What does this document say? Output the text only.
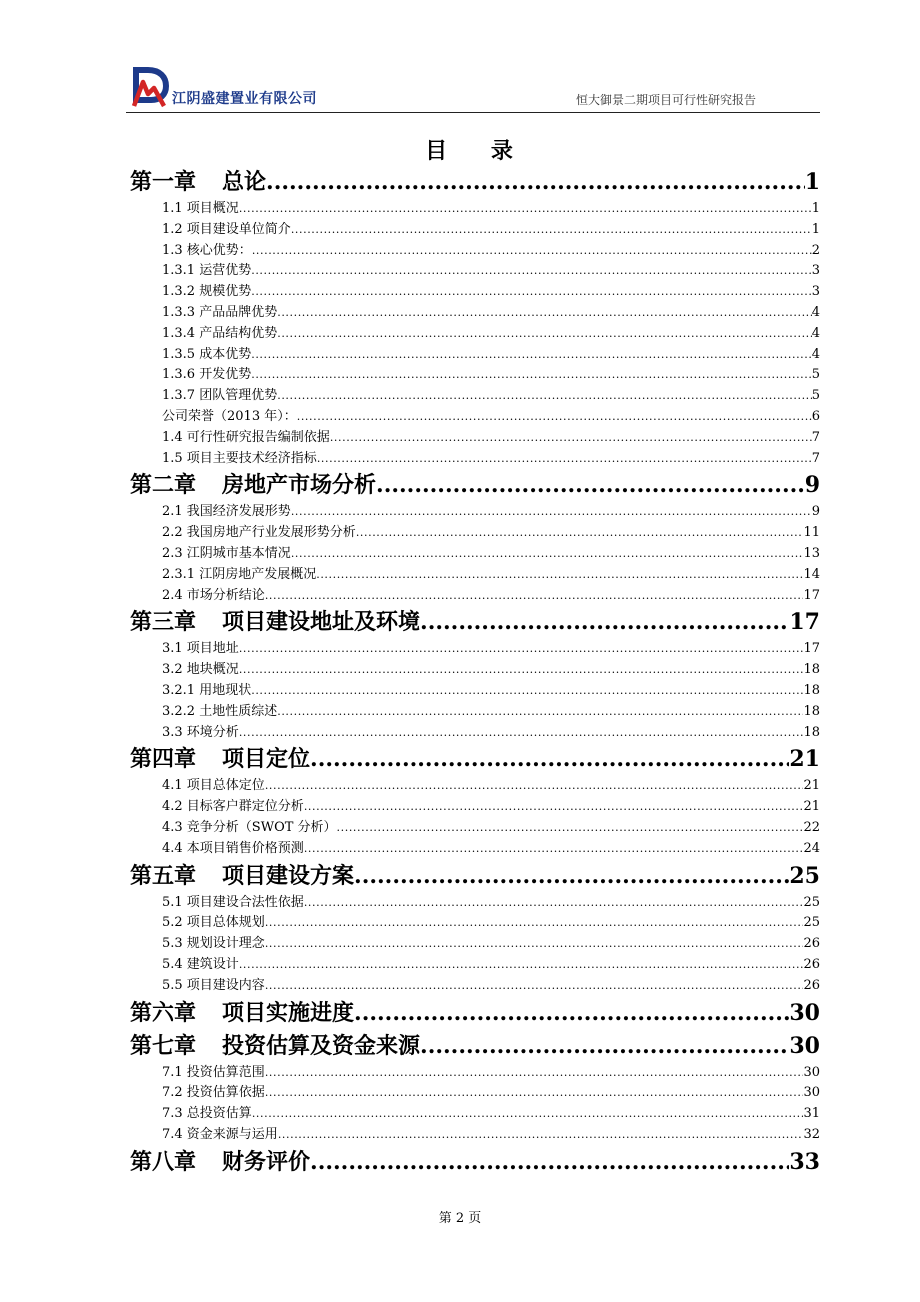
江阴盛建置业有限公司	恒大御景二期项目可行性研究报告
目 录
第一章 总论 .....	1
1.1 项目概况 .....	1
1.2 项目建设单位简介 .....	1
1.3 核心优势： .....	2
1.3.1 运营优势 .....	3
1.3.2 规模优势 .....	3
1.3.3 产品品牌优势 .....	4
1.3.4 产品结构优势 .....	4
1.3.5 成本优势 .....	4
1.3.6 开发优势 .....	5
1.3.7 团队管理优势 .....	5
公司荣誉（2013 年）： .....	6
1.4 可行性研究报告编制依据 .....	7
1.5 项目主要技术经济指标 .....	7
第二章 房地产市场分析 .....	9
2.1 我国经济发展形势 .....	9
2.2 我国房地产行业发展形势分析 .....	11
2.3 江阴城市基本情况 .....	13
2.3.1 江阴房地产发展概况 .....	14
2.4 市场分析结论 .....	17
第三章 项目建设地址及环境 .....	17
3.1 项目地址 .....	17
3.2 地块概况 .....	18
3.2.1 用地现状 .....	18
3.2.2 土地性质综述 .....	18
3.3 环境分析 .....	18
第四章 项目定位 .....	21
4.1 项目总体定位 .....	21
4.2 目标客户群定位分析 .....	21
4.3 竞争分析（SWOT 分析） .....	22
4.4 本项目销售价格预测 .....	24
第五章 项目建设方案 .....	25
5.1 项目建设合法性依据 .....	25
5.2 项目总体规划 .....	25
5.3 规划设计理念 .....	26
5.4 建筑设计 .....	26
5.5 项目建设内容 .....	26
第六章 项目实施进度 .....	30
第七章 投资估算及资金来源 .....	30
7.1 投资估算范围 .....	30
7.2 投资估算依据 .....	30
7.3 总投资估算 .....	31
7.4 资金来源与运用 .....	32
第八章 财务评价 .....	33
第 2 页
